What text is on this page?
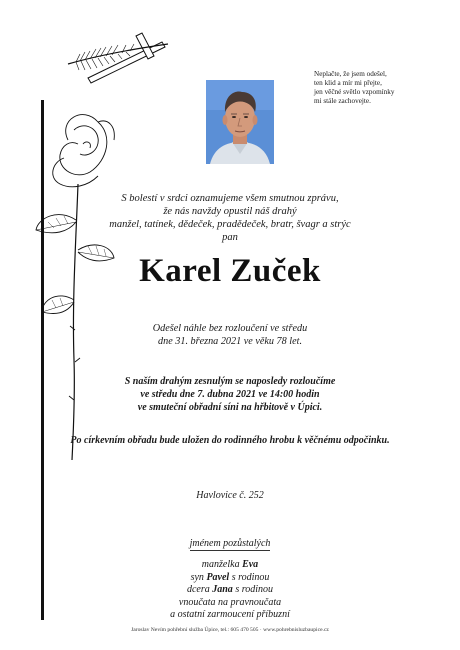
Neplačte, že jsem odešel,
ten klid a mír mi přejte,
jen věčné světlo vzpomínky
mi stále zachovejte.
S bolestí v srdci oznamujeme všem smutnou zprávu,
že nás navždy opustil náš drahý
manžel, tatínek, dědeček, pradědeček, bratr, švagr a strýc
pan
Karel Zuček
Odešel náhle bez rozloučení ve středu
dne 31. března 2021 ve věku 78 let.
S naším drahým zesnulým se naposledy rozloučíme
ve středu dne 7. dubna 2021 ve 14:00 hodin
ve smuteční obřadní síni na hřbitově v Úpici.
Po církevním obřadu bude uložen do rodinného hrobu k věčnému odpočinku.
Havlovice č. 252
jménem pozůstalých
manželka Eva
syn Pavel s rodinou
dcera Jana s rodinou
vnoučata na pravnoučata
a ostatní zarmoucení příbuzní
Jaroslav Nevím pohřební služba Úpice, tel.: 605 470 505 · www.pohrebnisluzbaupice.cz
